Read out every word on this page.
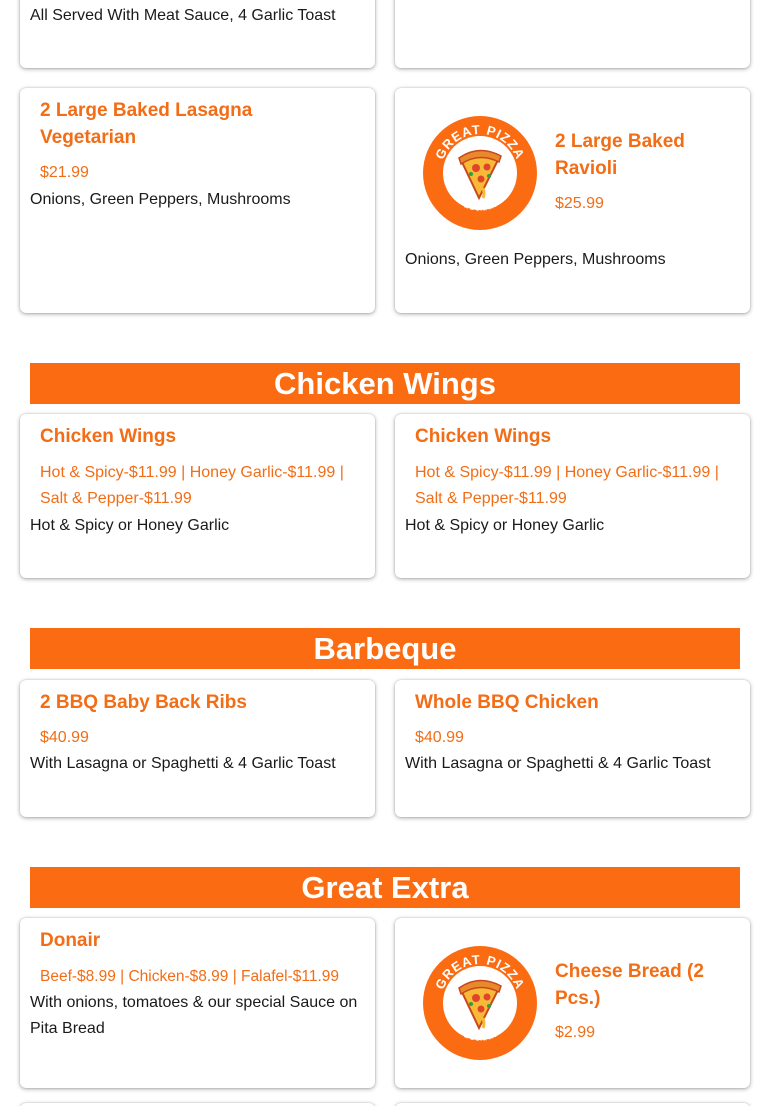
All Served With Meat Sauce, 4 Garlic Toast
2 Large Baked Lasagna Vegetarian
$21.99
Onions, Green Peppers, Mushrooms
GREAT PIZZA
& DONAIR
2 Large Baked Ravioli
$25.99
Onions, Green Peppers, Mushrooms
Chicken Wings
Chicken Wings
Hot & Spicy-$11.99 | Honey Garlic-$11.99 | Salt & Pepper-$11.99
Hot & Spicy or Honey Garlic
Chicken Wings
Hot & Spicy-$11.99 | Honey Garlic-$11.99 | Salt & Pepper-$11.99
Hot & Spicy or Honey Garlic
Barbeque
2 BBQ Baby Back Ribs
$40.99
With Lasagna or Spaghetti & 4 Garlic Toast
Whole BBQ Chicken
$40.99
With Lasagna or Spaghetti & 4 Garlic Toast
Great Extra
Donair
Beef-$8.99 | Chicken-$8.99 | Falafel-$11.99
With onions, tomatoes & our special Sauce on Pita Bread
GREAT PIZZA
& DONAIR
Cheese Bread (2 Pcs.)
$2.99
